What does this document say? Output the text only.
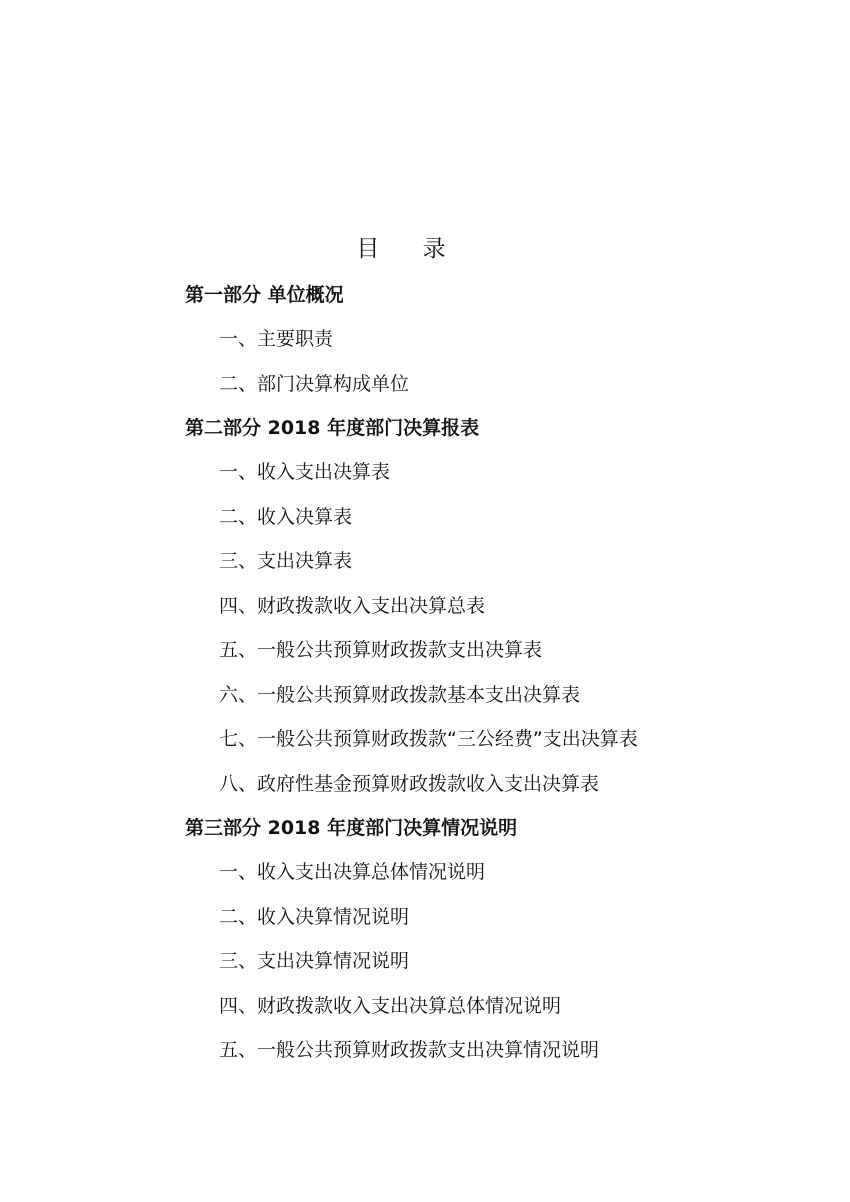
目 录
第一部分 单位概况
一、主要职责
二、部门决算构成单位
第二部分 2018 年度部门决算报表
一、收入支出决算表
二、收入决算表
三、支出决算表
四、财政拨款收入支出决算总表
五、一般公共预算财政拨款支出决算表
六、一般公共预算财政拨款基本支出决算表
七、一般公共预算财政拨款“三公经费”支出决算表
八、政府性基金预算财政拨款收入支出决算表
第三部分 2018 年度部门决算情况说明
一、收入支出决算总体情况说明
二、收入决算情况说明
三、支出决算情况说明
四、财政拨款收入支出决算总体情况说明
五、一般公共预算财政拨款支出决算情况说明
